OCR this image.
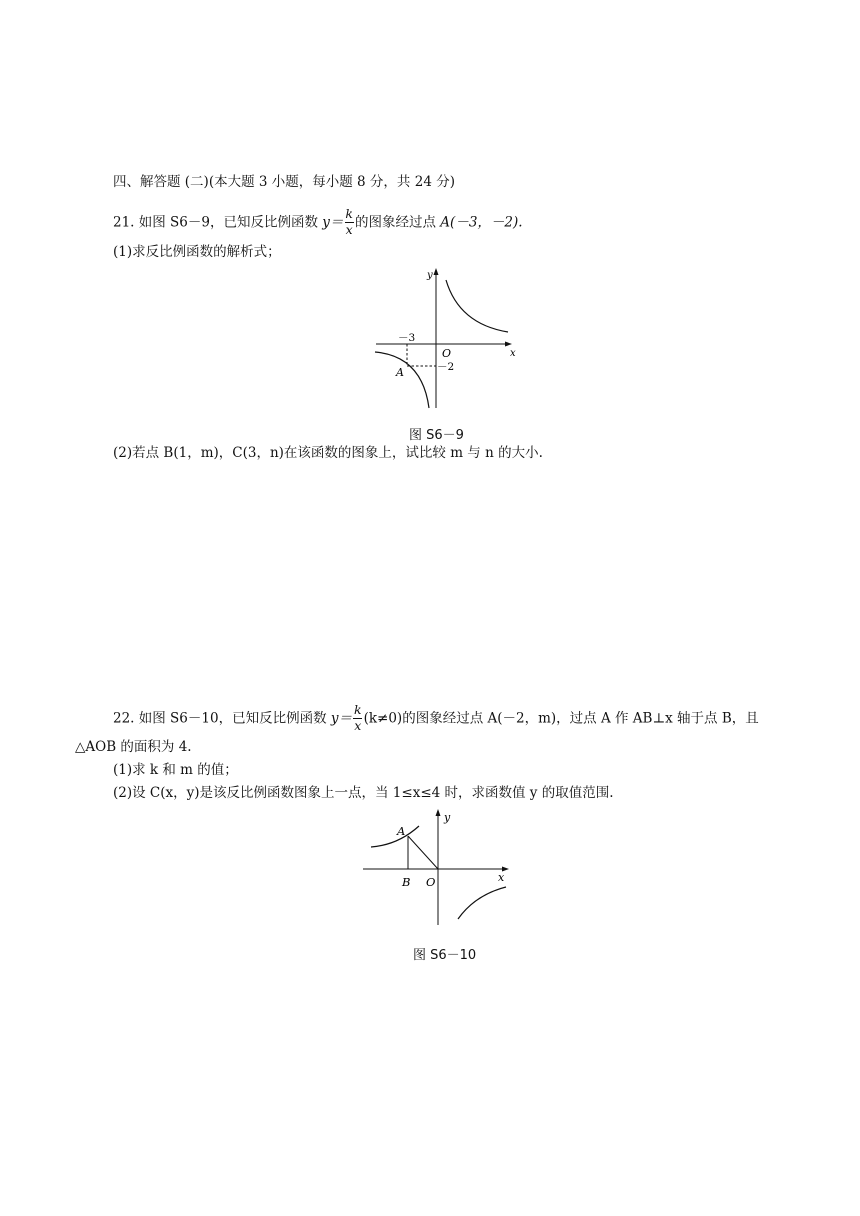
四、解答题 (二)(本大题 3 小题，每小题 8 分，共 24 分)
21. 如图 S6－9，已知反比例函数 $y= \frac{k}{x}$ 的图象经过点 A(－3，－2).
(1)求反比例函数的解析式；
y
x
O
A
－3
－2
图 S6－9
(2)若点 B(1，m)，C(3，n)在该函数的图象上，试比较 m 与 n 的大小.
22. 如图 S6－10，已知反比例函数 $y= \frac{k}{x} (k\ne 0)$的图象经过点 A(－2，m)，过点 A 作 AB⊥x 轴于点 B，且
△AOB 的面积为 4.
(1)求 k 和 m 的值；
(2)设 C(x，y)是该反比例函数图象上一点，当 1≤x≤4 时，求函数值 y 的取值范围.
y
x
O
A
B
图 S6－10
